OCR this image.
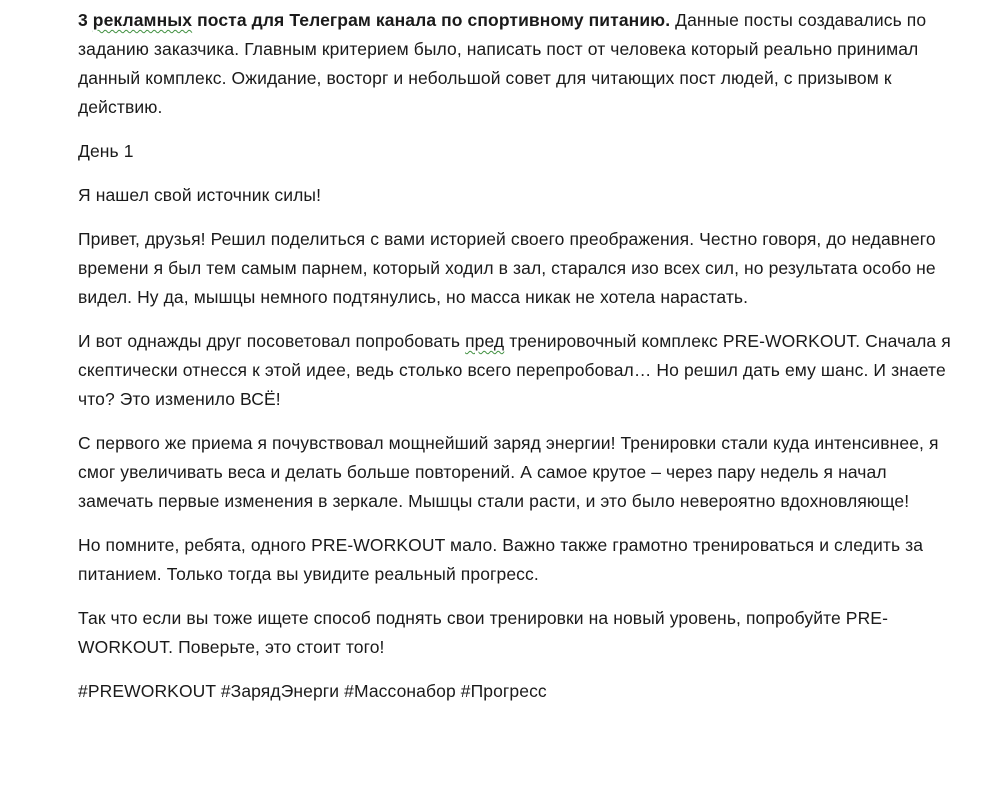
3 рекламных поста для Телеграм канала по спортивному питанию. Данные посты создавались по заданию заказчика. Главным критерием было, написать пост от человека который реально принимал данный комплекс. Ожидание, восторг и небольшой совет для читающих пост людей, с призывом к действию.

День 1

Я нашел свой источник силы!

Привет, друзья! Решил поделиться с вами историей своего преображения. Честно говоря, до недавнего времени я был тем самым парнем, который ходил в зал, старался изо всех сил, но результата особо не видел. Ну да, мышцы немного подтянулись, но масса никак не хотела нарастать.

И вот однажды друг посоветовал попробовать пред тренировочный комплекс PRE-WORKOUT. Сначала я скептически отнесся к этой идее, ведь столько всего перепробовал… Но решил дать ему шанс. И знаете что? Это изменило ВСЁ!

С первого же приема я почувствовал мощнейший заряд энергии! Тренировки стали куда интенсивнее, я смог увеличивать веса и делать больше повторений. А самое крутое – через пару недель я начал замечать первые изменения в зеркале. Мышцы стали расти, и это было невероятно вдохновляюще!

Но помните, ребята, одного PRE-WORKOUT мало. Важно также грамотно тренироваться и следить за питанием. Только тогда вы увидите реальный прогресс.

Так что если вы тоже ищете способ поднять свои тренировки на новый уровень, попробуйте PRE-WORKOUT. Поверьте, это стоит того!

#PREWORKOUT #ЗарядЭнерги #Массонабор #Прогресс
